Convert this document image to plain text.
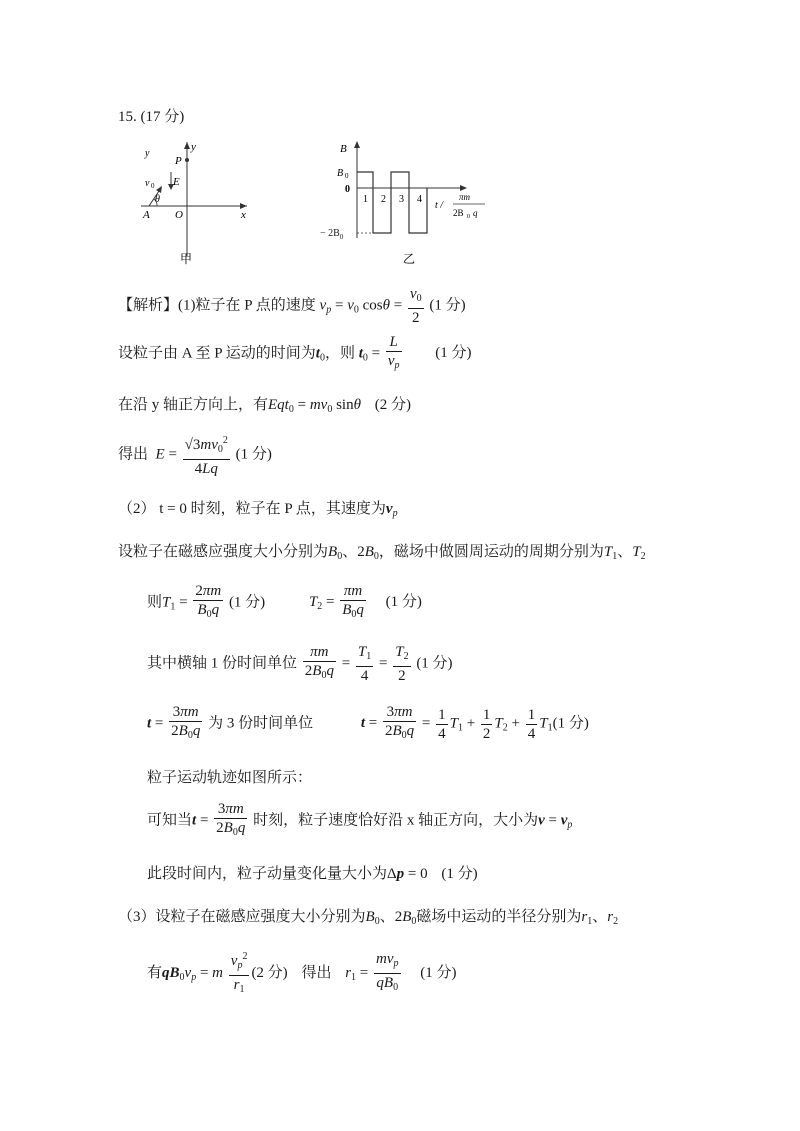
15. (17 分)
y
y
P
E
v 0
θ
A O	x
甲
B
B 0
0
1 2 3 4
t /
πm
2B 0 q
乙
− $2B_0$
【解析】(1)粒子在 P 点的速度 $v_p = v_0$ $\cos\theta = \frac{v_0}{2} (1$ 分)
设粒子由 A 至 P 运动的时间为$t_0$，则 $t_0 = \frac{L}{v_p} (1$ 分)
在沿 y 轴正方向上，有$Eqt_0 = mv_0$ sinθ (2 分)
得出 $E = \frac{√3mv_0^2}{4Lq} (1$ 分)
（2） t = 0 时刻，粒子在 P 点，其速度为$v_p$
设粒子在磁感应强度大小分别为$B_0$、$2B_0$，磁场中做圆周运动的周期分别为$T_1$、$T_2$
则$T_1 = \frac{2\pi m}{B_0q} (1$ 分)	$T_2 = \frac{\pi m}{B_0q} (1$ 分)
其中横轴 1 份时间单位 $\frac{\pi m}{2B_0q} = \frac{T_1}{4} = \frac{T_2}{2} (1$ 分)
$t = \frac{3\pi m}{2B_0q}$ 为 3 份时间单位	$t = \frac{3\pi m}{2B_0q} = \frac{1}{4} T_1 + \frac{1}{2} T_2 + \frac{1}{4} T_1(1$ 分)
粒子运动轨迹如图所示：
可知当$t = \frac{3\pi m}{2B_0q}$ 时刻，粒子速度恰好沿 x 轴正方向，大小为$v = v_p$
此段时间内，粒子动量变化量大小为Δp = 0 (1 分)
（3）设粒子在磁感应强度大小分别为$B_0$、$2B_0$磁场中运动的半径分别为$r_1$、$r_2$
有$qB_0v_p = m \frac{v_p^2}{r_1} (2$ 分) 得出 $r_1 = \frac{mv_p}{qB_0} (1$ 分)
